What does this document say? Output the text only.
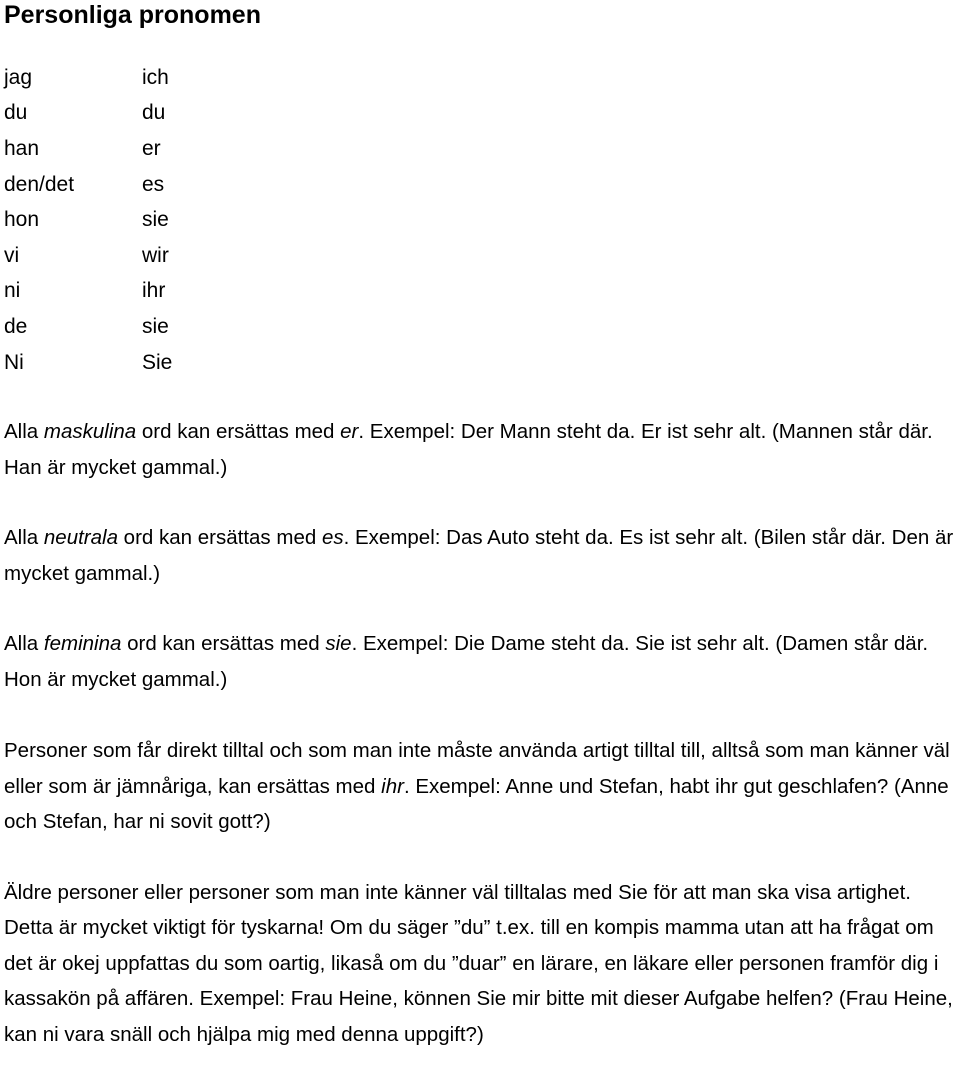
Personliga pronomen
jag	ich
du	du
han	er
den/det	es
hon	sie
vi	wir
ni	ihr
de	sie
Ni	Sie

Alla maskulina ord kan ersättas med er. Exempel: Der Mann steht da. Er ist sehr alt. (Mannen står där. Han är mycket gammal.)

Alla neutrala ord kan ersättas med es. Exempel: Das Auto steht da. Es ist sehr alt. (Bilen står där. Den är mycket gammal.)

Alla feminina ord kan ersättas med sie. Exempel: Die Dame steht da. Sie ist sehr alt. (Damen står där. Hon är mycket gammal.)

Personer som får direkt tilltal och som man inte måste använda artigt tilltal till, alltså som man känner väl eller som är jämnåriga, kan ersättas med ihr. Exempel: Anne und Stefan, habt ihr gut geschlafen? (Anne och Stefan, har ni sovit gott?)

Äldre personer eller personer som man inte känner väl tilltalas med Sie för att man ska visa artighet. Detta är mycket viktigt för tyskarna! Om du säger ”du” t.ex. till en kompis mamma utan att ha frågat om det är okej uppfattas du som oartig, likaså om du ”duar” en lärare, en läkare eller personen framför dig i kassakön på affären. Exempel: Frau Heine, können Sie mir bitte mit dieser Aufgabe helfen? (Frau Heine, kan ni vara snäll och hjälpa mig med denna uppgift?)
